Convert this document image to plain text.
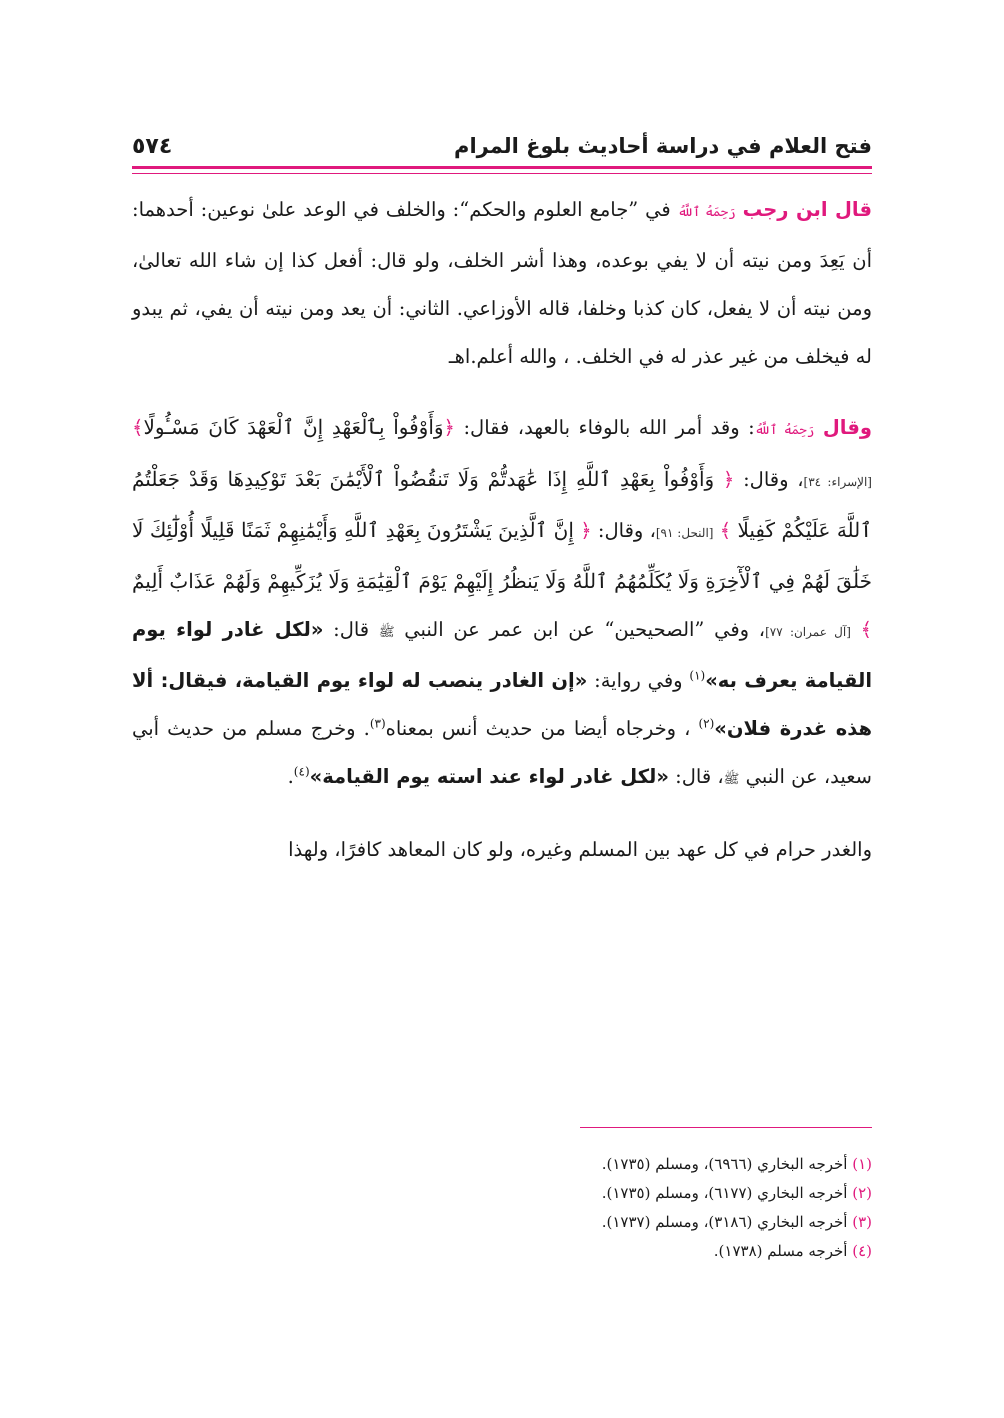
فتح العلام في دراسة أحاديث بلوغ المرام
٥٧٤

قال ابن رجب رَحِمَهُ ٱللَّهُ في ”جامع العلوم والحكم“: والخلف في الوعد علىٰ نوعين: أحدهما: أن يَعِدَ ومن نيته أن لا يفي بوعده، وهذا أشر الخلف، ولو قال: أفعل كذا إن شاء الله تعالىٰ، ومن نيته أن لا يفعل، كان كذبا وخلفا، قاله الأوزاعي. الثاني: أن يعد ومن نيته أن يفي، ثم يبدو له فيخلف من غير عذر له في الخلف. ، والله أعلم.اهـ

وقال رَحِمَهُ ٱللَّهُ: وقد أمر الله بالوفاء بالعهد، فقال: ﴿وَأَوْفُواْ بِٱلْعَهْدِ إِنَّ ٱلْعَهْدَ كَانَ مَسْـُٔولًا﴾ [الإسراء: ٣٤]، وقال: ﴿ وَأَوْفُواْ بِعَهْدِ ٱللَّهِ إِذَا عَٰهَدتُّمْ وَلَا تَنقُضُواْ ٱلْأَيْمَٰنَ بَعْدَ تَوْكِيدِهَا وَقَدْ جَعَلْتُمُ ٱللَّهَ عَلَيْكُمْ كَفِيلًا ﴾ [النحل: ٩١]، وقال: ﴿ إِنَّ ٱلَّذِينَ يَشْتَرُونَ بِعَهْدِ ٱللَّهِ وَأَيْمَٰنِهِمْ ثَمَنًا قَلِيلًا أُوْلَٰٓئِكَ لَا خَلَٰقَ لَهُمْ فِي ٱلْأٓخِرَةِ وَلَا يُكَلِّمُهُمُ ٱللَّهُ وَلَا يَنظُرُ إِلَيْهِمْ يَوْمَ ٱلْقِيَٰمَةِ وَلَا يُزَكِّيهِمْ وَلَهُمْ عَذَابٌ أَلِيمٌ ﴾ [آل عمران: ٧٧]، وفي ”الصحيحين“ عن ابن عمر عن النبي ﷺ قال: «لكل غادر لواء يوم القيامة يعرف به»$^{(١)}$ وفي رواية: «إن الغادر ينصب له لواء يوم القيامة، فيقال: ألا هذه غدرة فلان»$^{(٢)}$ ، وخرجاه أيضا من حديث أنس بمعناه$^{(٣)}$. وخرج مسلم من حديث أبي سعيد، عن النبي ﷺ، قال: «لكل غادر لواء عند استه يوم القيامة»$^{(٤)}$.

والغدر حرام في كل عهد بين المسلم وغيره، ولو كان المعاهد كافرًا، ولهذا

(١) أخرجه البخاري (٦٩٦٦)، ومسلم (١٧٣٥).
(٢) أخرجه البخاري (٦١٧٧)، ومسلم (١٧٣٥).
(٣) أخرجه البخاري (٣١٨٦)، ومسلم (١٧٣٧).
(٤) أخرجه مسلم (١٧٣٨).
